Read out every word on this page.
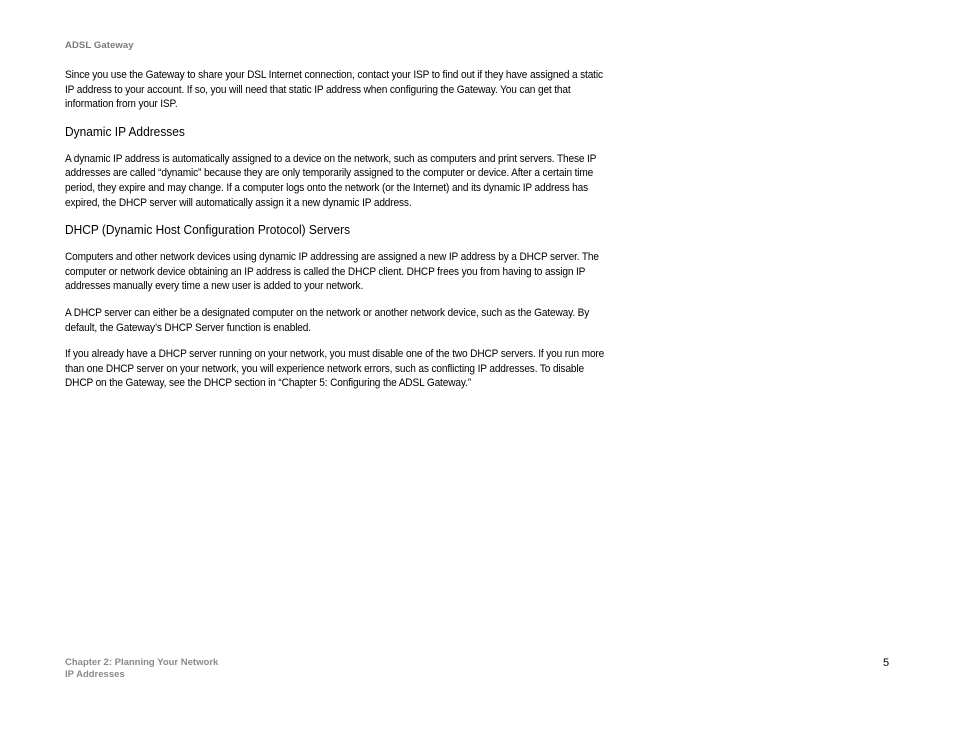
ADSL Gateway

Since you use the Gateway to share your DSL Internet connection, contact your ISP to find out if they have assigned a static IP address to your account. If so, you will need that static IP address when configuring the Gateway. You can get that information from your ISP.

Dynamic IP Addresses

A dynamic IP address is automatically assigned to a device on the network, such as computers and print servers. These IP addresses are called “dynamic” because they are only temporarily assigned to the computer or device. After a certain time period, they expire and may change. If a computer logs onto the network (or the Internet) and its dynamic IP address has expired, the DHCP server will automatically assign it a new dynamic IP address.

DHCP (Dynamic Host Configuration Protocol) Servers

Computers and other network devices using dynamic IP addressing are assigned a new IP address by a DHCP server. The computer or network device obtaining an IP address is called the DHCP client. DHCP frees you from having to assign IP addresses manually every time a new user is added to your network.

A DHCP server can either be a designated computer on the network or another network device, such as the Gateway. By default, the Gateway’s DHCP Server function is enabled.

If you already have a DHCP server running on your network, you must disable one of the two DHCP servers. If you run more than one DHCP server on your network, you will experience network errors, such as conflicting IP addresses. To disable DHCP on the Gateway, see the DHCP section in “Chapter 5: Configuring the ADSL Gateway.”

Chapter 2: Planning Your Network
IP Addresses
5
